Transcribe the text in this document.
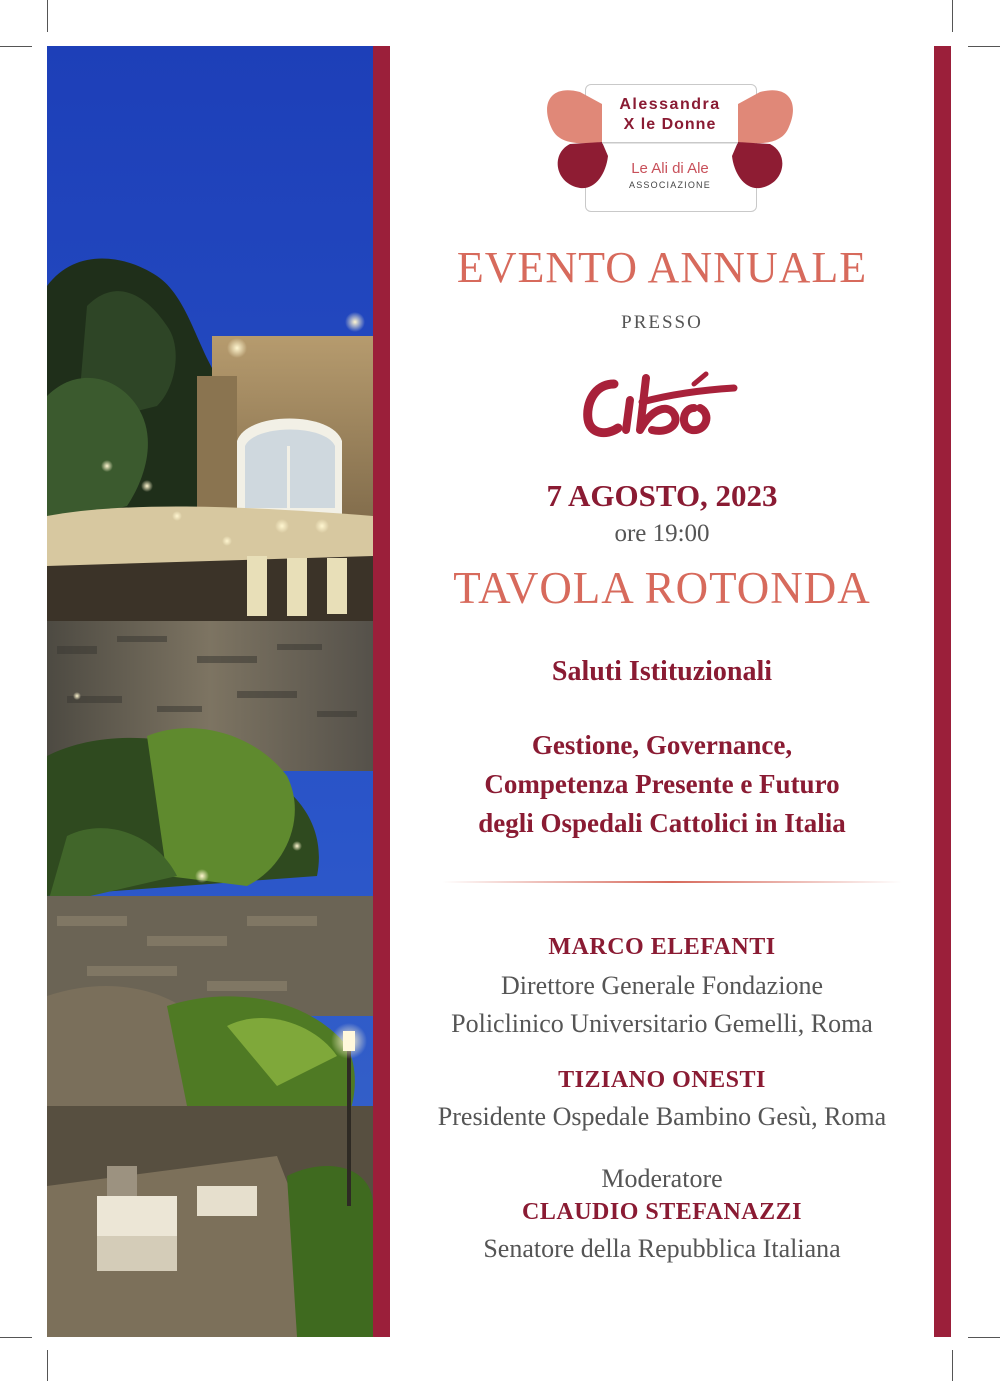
Alessandra
X le Donne
Le Ali di Ale
ASSOCIAZIONE

EVENTO ANNUALE

PRESSO

7 AGOSTO, 2023

ore 19:00

TAVOLA ROTONDA

Saluti Istituzionali

Gestione, Governance,
Competenza Presente e Futuro
degli Ospedali Cattolici in Italia

MARCO ELEFANTI

Direttore Generale Fondazione
Policlinico Universitario Gemelli, Roma

TIZIANO ONESTI

Presidente Ospedale Bambino Gesù, Roma

Moderatore

CLAUDIO STEFANAZZI

Senatore della Repubblica Italiana
